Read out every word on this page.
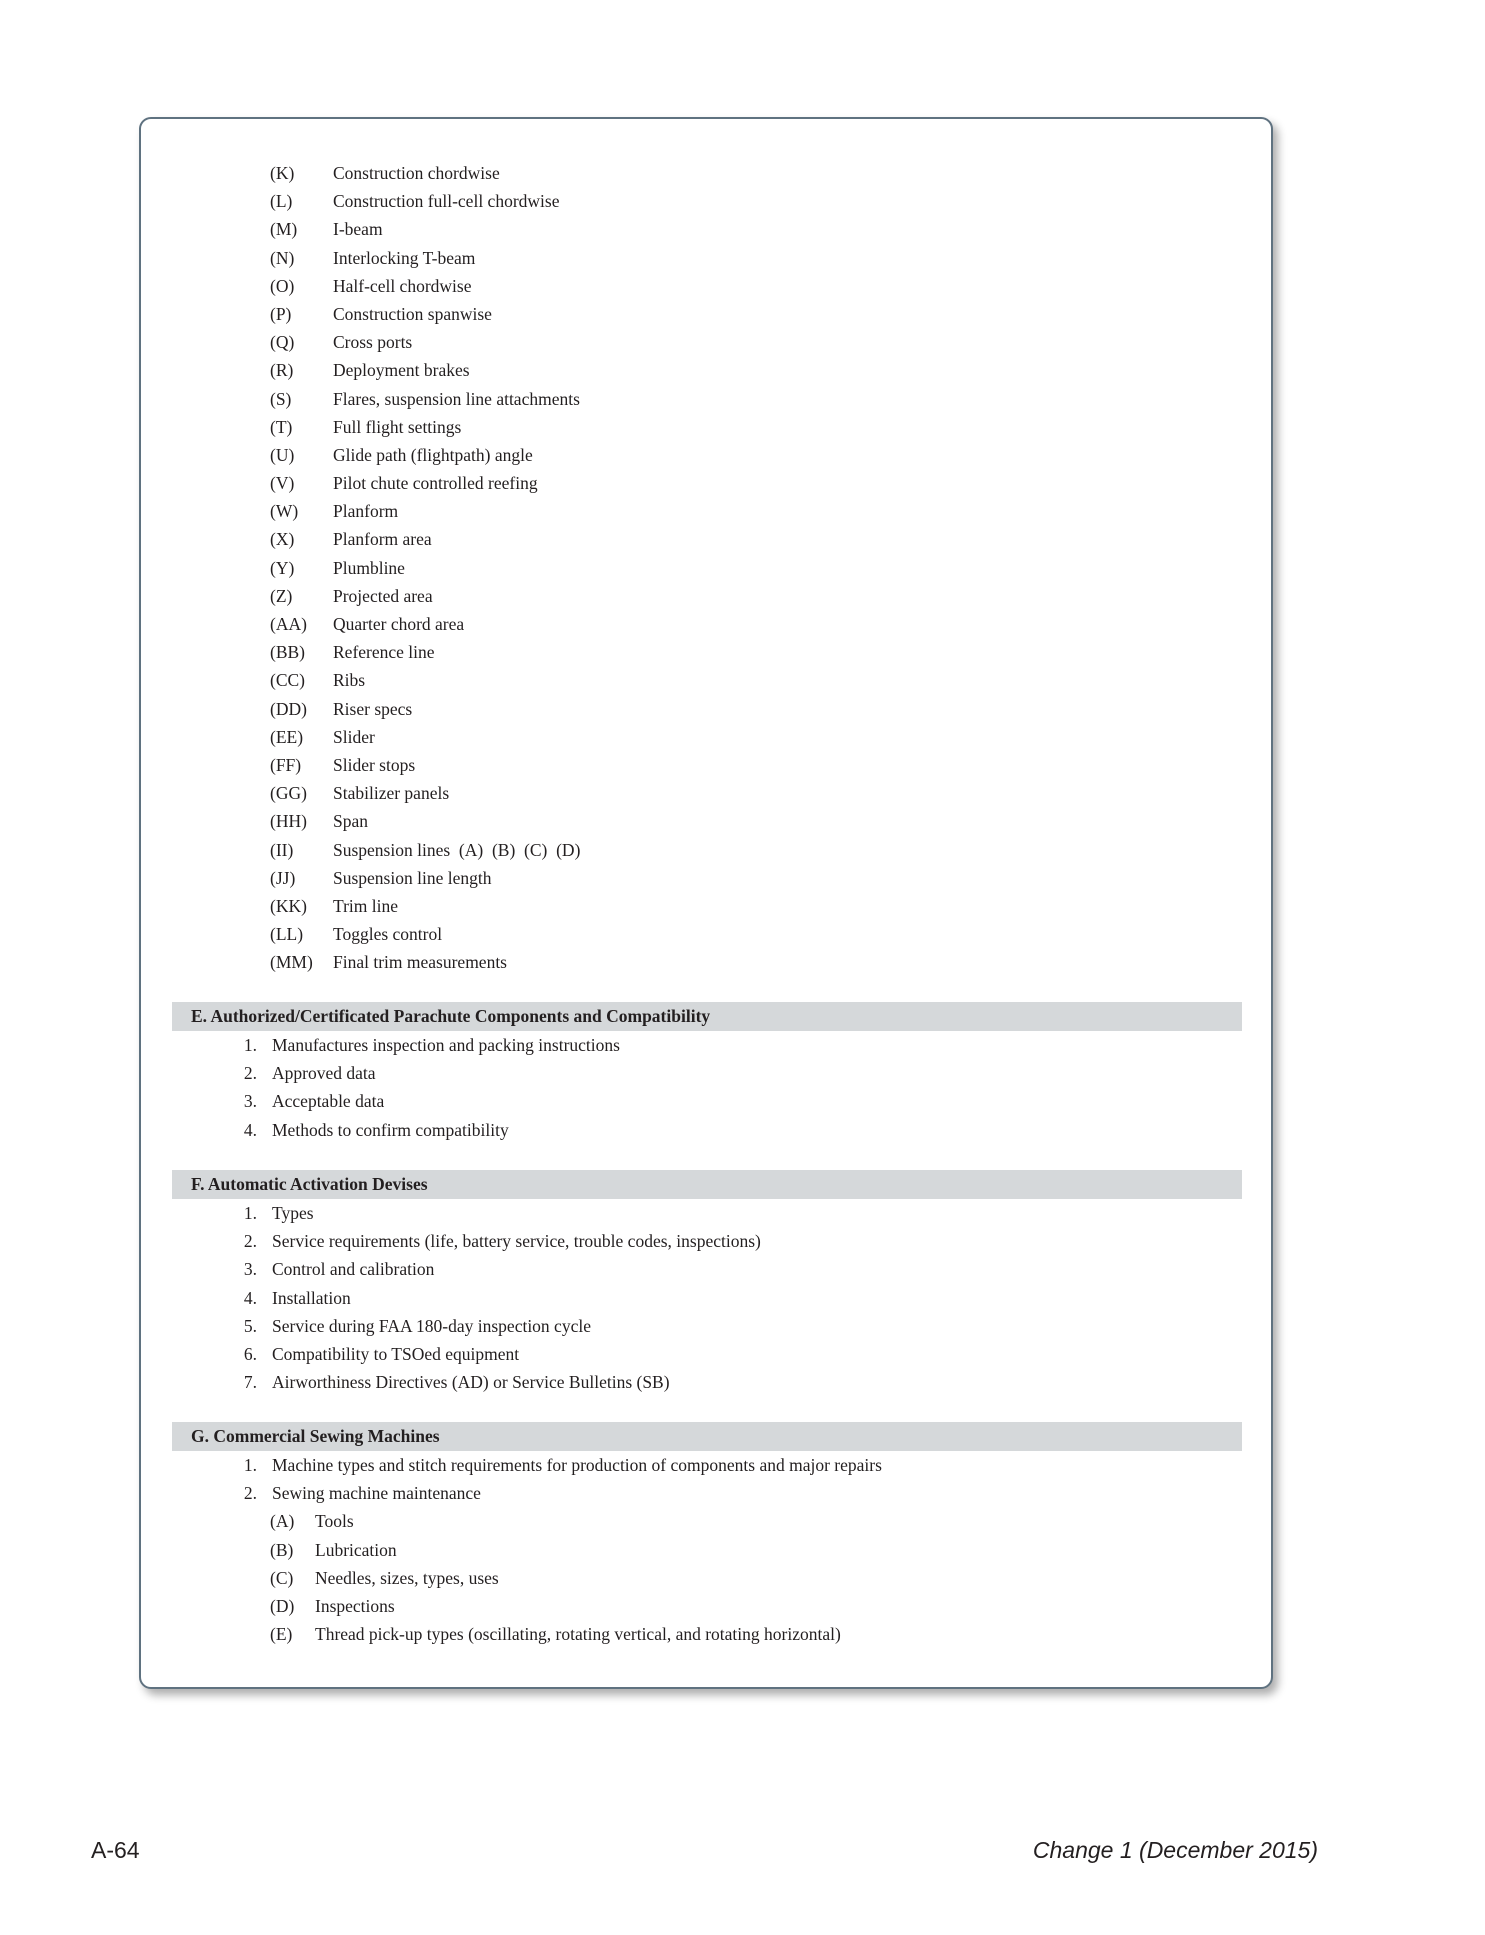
(K)	Construction chordwise
(L)	Construction full-cell chordwise
(M)	I-beam
(N)	Interlocking T-beam
(O)	Half-cell chordwise
(P)	Construction spanwise
(Q)	Cross ports
(R)	Deployment brakes
(S)	Flares, suspension line attachments
(T)	Full flight settings
(U)	Glide path (flightpath) angle
(V)	Pilot chute controlled reefing
(W)	Planform
(X)	Planform area
(Y)	Plumbline
(Z)	Projected area
(AA)	Quarter chord area
(BB)	Reference line
(CC)	Ribs
(DD)	Riser specs
(EE)	Slider
(FF)	Slider stops
(GG)	Stabilizer panels
(HH)	Span
(II)	Suspension lines  (A)  (B)  (C)  (D)
(JJ)	Suspension line length
(KK)	Trim line
(LL)	Toggles control
(MM)	Final trim measurements
E. Authorized/Certificated Parachute Components and Compatibility
1. Manufactures inspection and packing instructions
2. Approved data
3. Acceptable data
4. Methods to confirm compatibility
F. Automatic Activation Devises
1. Types
2. Service requirements (life, battery service, trouble codes, inspections)
3. Control and calibration
4. Installation
5. Service during FAA 180-day inspection cycle
6. Compatibility to TSOed equipment
7. Airworthiness Directives (AD) or Service Bulletins (SB)
G. Commercial Sewing Machines
1. Machine types and stitch requirements for production of components and major repairs
2. Sewing machine maintenance
(A)	Tools
(B)	Lubrication
(C)	Needles, sizes, types, uses
(D)	Inspections
(E)	Thread pick-up types (oscillating, rotating vertical, and rotating horizontal)
A-64	Change 1 (December 2015)
